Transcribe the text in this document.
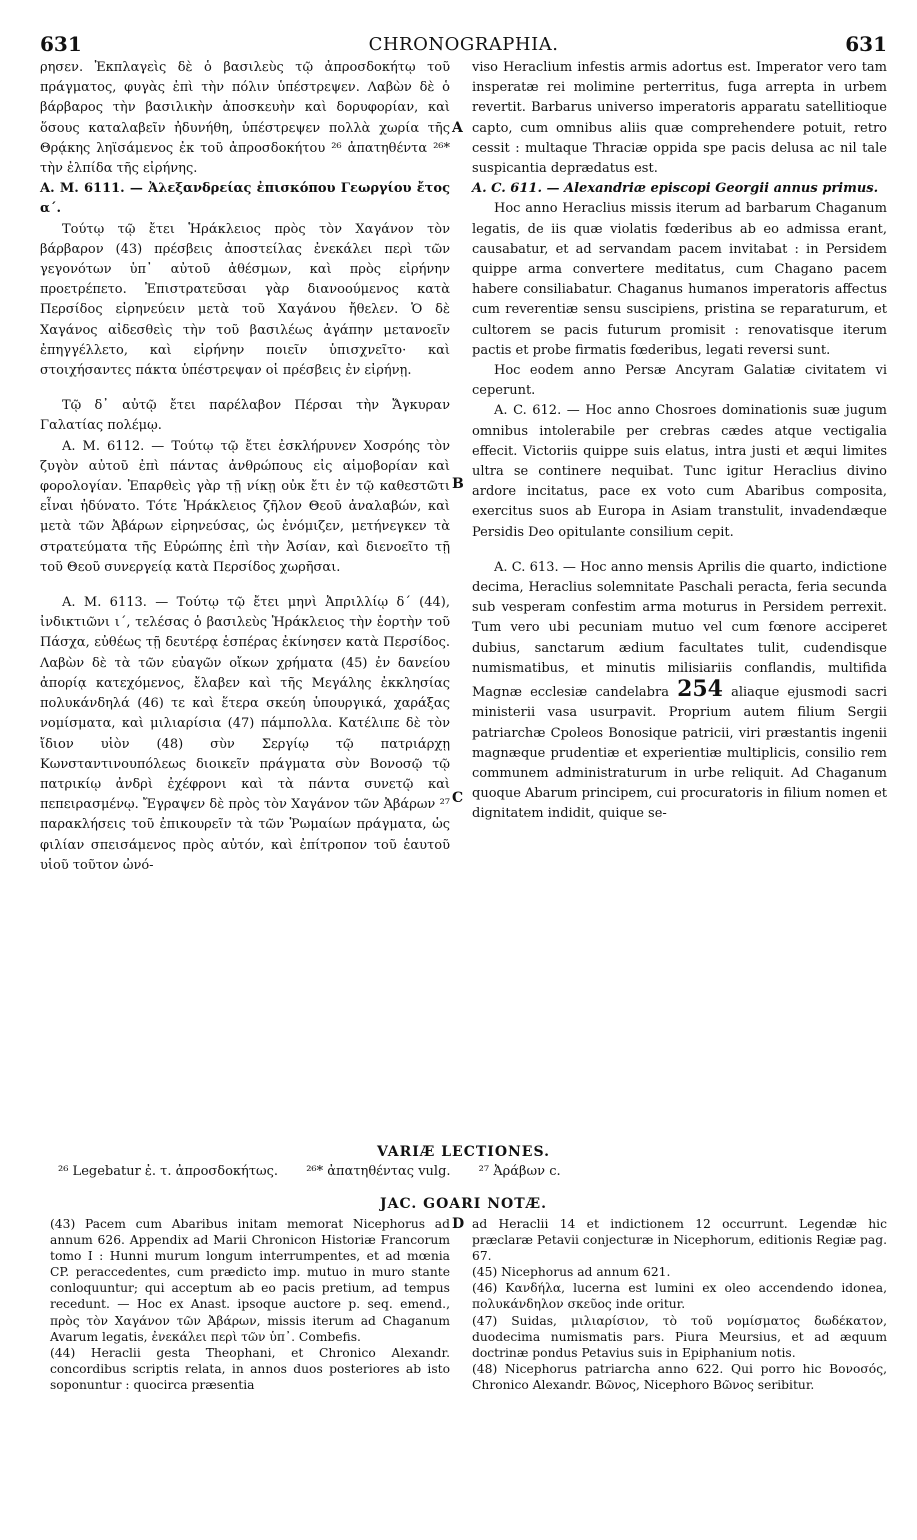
631	CHRONOGRAPHIA.	631

ρησεν. Ἐκπλαγεὶς δὲ ὁ βασιλεὺς τῷ ἀπροσδοκήτῳ τοῦ πράγματος, φυγὰς ἐπὶ τὴν πόλιν ὑπέστρεψεν. Λαβὼν δὲ ὁ βάρβαρος τὴν βασιλικὴν ἀποσκευὴν καὶ δορυφορίαν, καὶ ὅσους καταλαβεῖν ἠδυνήθη, ὑπέστρεψεν πολλὰ χωρία τῆς Θρᾴκης ληϊσάμενος ἐκ τοῦ ἀπροσδοκήτου ²⁶ ἀπατηθέντα ²⁶* τὴν ἐλπίδα τῆς εἰρήνης.

Α. Μ. 6111. — Ἀλεξανδρείας ἐπισκόπου Γεωργίου ἔτος α΄.

Τούτῳ τῷ ἔτει Ἡράκλειος πρὸς τὸν Χαγάνον τὸν βάρβαρον (43) πρέσβεις ἀποστείλας ἐνεκάλει περὶ τῶν γεγονότων ὑπ᾽ αὐτοῦ ἀθέσμων, καὶ πρὸς εἰρήνην προετρέπετο. Ἐπιστρατεῦσαι γὰρ διανοούμενος κατὰ Περσίδος εἰρηνεύειν μετὰ τοῦ Χαγάνου ἤθελεν. Ὁ δὲ Χαγάνος αἰδεσθεὶς τὴν τοῦ βασιλέως ἀγάπην μετανοεῖν ἐπηγγέλλετο, καὶ εἰρήνην ποιεῖν ὑπισχνεῖτο· καὶ στοιχήσαντες πάκτα ὑπέστρεψαν οἱ πρέσβεις ἐν εἰρήνῃ.

Τῷ δ᾽ αὐτῷ ἔτει παρέλαβον Πέρσαι τὴν Ἄγκυραν Γαλατίας πολέμῳ.

Α. Μ. 6112. — Τούτῳ τῷ ἔτει ἐσκλήρυνεν Χοσρόης τὸν ζυγὸν αὐτοῦ ἐπὶ πάντας ἀνθρώπους εἰς αἱμοβορίαν καὶ φορολογίαν. Ἐπαρθεὶς γὰρ τῇ νίκῃ οὐκ ἔτι ἐν τῷ καθεστῶτι εἶναι ἠδύνατο. Τότε Ἡράκλειος ζῆλον Θεοῦ ἀναλαβών, καὶ μετὰ τῶν Ἀβάρων εἰρηνεύσας, ὡς ἐνόμιζεν, μετήνεγκεν τὰ στρατεύματα τῆς Εὐρώπης ἐπὶ τὴν Ἀσίαν, καὶ διενοεῖτο τῇ τοῦ Θεοῦ συνεργείᾳ κατὰ Περσίδος χωρῆσαι.

Α. Μ. 6113. — Τούτῳ τῷ ἔτει μηνὶ Ἀπριλλίῳ δ΄ (44), ἰνδικτιῶνι ι΄, τελέσας ὁ βασιλεὺς Ἡράκλειος τὴν ἑορτὴν τοῦ Πάσχα, εὐθέως τῇ δευτέρᾳ ἑσπέρας ἐκίνησεν κατὰ Περσίδος. Λαβὼν δὲ τὰ τῶν εὐαγῶν οἴκων χρήματα (45) ἐν δανείου ἀπορίᾳ κατεχόμενος, ἔλαβεν καὶ τῆς Μεγάλης ἐκκλησίας πολυκάνδηλά (46) τε καὶ ἕτερα σκεύη ὑπουργικά, χαράξας νομίσματα, καὶ μιλιαρίσια (47) πάμπολλα. Κατέλιπε δὲ τὸν ἴδιον υἱὸν (48) σὺν Σεργίῳ τῷ πατριάρχῃ Κωνσταντινουπόλεως διοικεῖν πράγματα σὺν Βονοσῷ τῷ πατρικίῳ ἀνδρὶ ἐχέφρονι καὶ τὰ πάντα συνετῷ καὶ πεπειρασμένῳ. Ἔγραψεν δὲ πρὸς τὸν Χαγάνον τῶν Ἀβάρων ²⁷ παρακλήσεις τοῦ ἐπικουρεῖν τὰ τῶν Ῥωμαίων πράγματα, ὡς φιλίαν σπεισάμενος πρὸς αὐτόν, καὶ ἐπίτροπον τοῦ ἑαυτοῦ υἱοῦ τοῦτον ὠνό-

A
B
C

viso Heraclium infestis armis adortus est. Imperator vero tam insperatæ rei molimine perterritus, fuga arrepta in urbem revertit. Barbarus universo imperatoris apparatu satellitioque capto, cum omnibus aliis quæ comprehendere potuit, retro cessit : multaque Thraciæ oppida spe pacis delusa ac nil tale suspicantia deprædatus est.

A. C. 611. — Alexandriæ episcopi Georgii annus primus.

Hoc anno Heraclius missis iterum ad barbarum Chaganum legatis, de iis quæ violatis fœderibus ab eo admissa erant, causabatur, et ad servandam pacem invitabat : in Persidem quippe arma convertere meditatus, cum Chagano pacem habere consiliabatur. Chaganus humanos imperatoris affectus cum reverentiæ sensu suscipiens, pristina se reparaturum, et cultorem se pacis futurum promisit : renovatisque iterum pactis et probe firmatis fœderibus, legati reversi sunt.

Hoc eodem anno Persæ Ancyram Galatiæ civitatem vi ceperunt.

A. C. 612. — Hoc anno Chosroes dominationis suæ jugum omnibus intolerabile per crebras cædes atque vectigalia effecit. Victoriis quippe suis elatus, intra justi et æqui limites ultra se continere nequibat. Tunc igitur Heraclius divino ardore incitatus, pace ex voto cum Abaribus composita, exercitus suos ab Europa in Asiam transtulit, invadendæque Persidis Deo opitulante consilium cepit.

A. C. 613. — Hoc anno mensis Aprilis die quarto, indictione decima, Heraclius solemnitate Paschali peracta, feria secunda sub vesperam confestim arma moturus in Persidem perrexit. Tum vero ubi pecuniam mutuo vel cum fœnore acciperet dubius, sanctarum ædium facultates tulit, cudendisque numismatibus, et minutis milisiariis conflandis, multifida Magnæ ecclesiæ candelabra 254 aliaque ejusmodi sacri ministerii vasa usurpavit. Proprium autem filium Sergii patriarchæ Cpoleos Bonosique patricii, viri præstantis ingenii magnæque prudentiæ et experientiæ multiplicis, consilio rem communem administraturum in urbe reliquit. Ad Chaganum quoque Abarum principem, cui procuratoris in filium nomen et dignitatem indidit, quique se-

VARIÆ LECTIONES.
²⁶ Legebatur ἐ. τ. ἀπροσδοκήτως. ²⁶* ἀπατηθέντας vulg. ²⁷ Ἀράβων c.
JAC. GOARI NOTÆ.

(43) Pacem cum Abaribus initam memorat Nicephorus ad annum 626. Appendix ad Marii Chronicon Historiæ Francorum tomo I : Hunni murum longum interrumpentes, et ad mœnia CP. peraccedentes, cum prædicto imp. mutuo in muro stante conloquuntur; qui acceptum ab eo pacis pretium, ad tempus recedunt. — Hoc ex Anast. ipsoque auctore p. seq. emend., πρὸς τὸν Χαγάνον τῶν Ἀβάρων, missis iterum ad Chaganum Avarum legatis, ἐνεκάλει περὶ τῶν ὑπ᾽. Combefis.

(44) Heraclii gesta Theophani, et Chronico Alexandr. concordibus scriptis relata, in annos duos posteriores ab isto soponuntur : quocirca præsentia

D ad Heraclii 14 et indictionem 12 occurrunt. Legendæ hic præclaræ Petavii conjecturæ in Nicephorum, editionis Regiæ pag. 67.

(45) Nicephorus ad annum 621.

(46) Κανδήλα, lucerna est lumini ex oleo accendendo idonea, πολυκάνδηλον σκεῦος inde oritur.

(47) Suidas, μιλιαρίσιον, τὸ τοῦ νομίσματος δωδέκατον, duodecima numismatis pars. Piura Meursius, et ad æquum doctrinæ pondus Petavius suis in Epiphanium notis.

(48) Nicephorus patriarcha anno 622. Qui porro hic Βονοσός, Chronico Alexandr. Βῶνος, Nicephoro Βῶνος seribitur.
